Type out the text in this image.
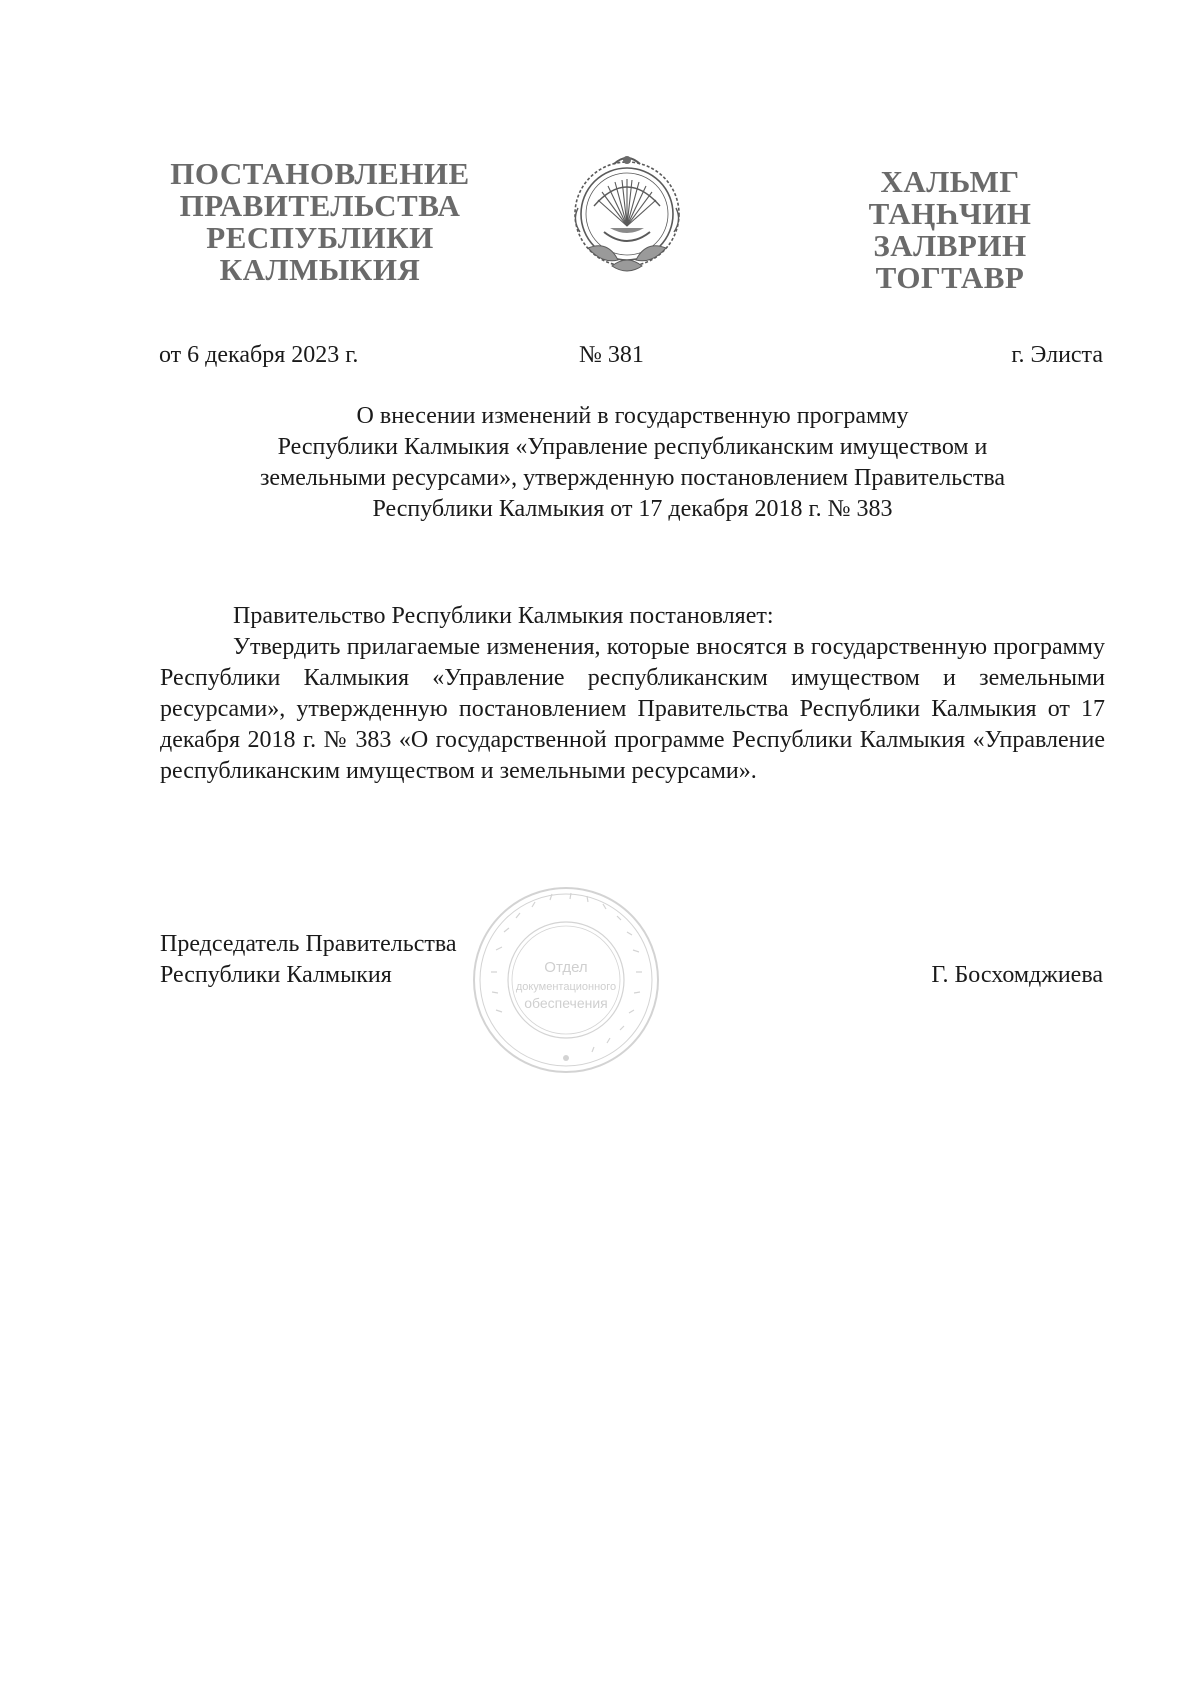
ПОСТАНОВЛЕНИЕ
ПРАВИТЕЛЬСТВА
РЕСПУБЛИКИ
КАЛМЫКИЯ
ХАЛЬМГ
ТАҢҺЧИН
ЗАЛВРИН
ТОГТАВР
от 6 декабря 2023 г.	№ 381	г. Элиста
О внесении изменений в государственную программу
Республики Калмыкия «Управление республиканским имуществом и
земельными ресурсами», утвержденную постановлением Правительства
Республики Калмыкия от 17 декабря 2018 г. № 383
Правительство Республики Калмыкия постановляет:
Утвердить прилагаемые изменения, которые вносятся в государственную программу Республики Калмыкия «Управление республиканским имуществом и земельными ресурсами», утвержденную постановлением Правительства Республики Калмыкия от 17 декабря 2018 г. № 383 «О государственной программе Республики Калмыкия «Управление республиканским имуществом и земельными ресурсами».
Отдел
документационного
обеспечения
Председатель Правительства
Республики Калмыкия	Г. Босхомджиева
